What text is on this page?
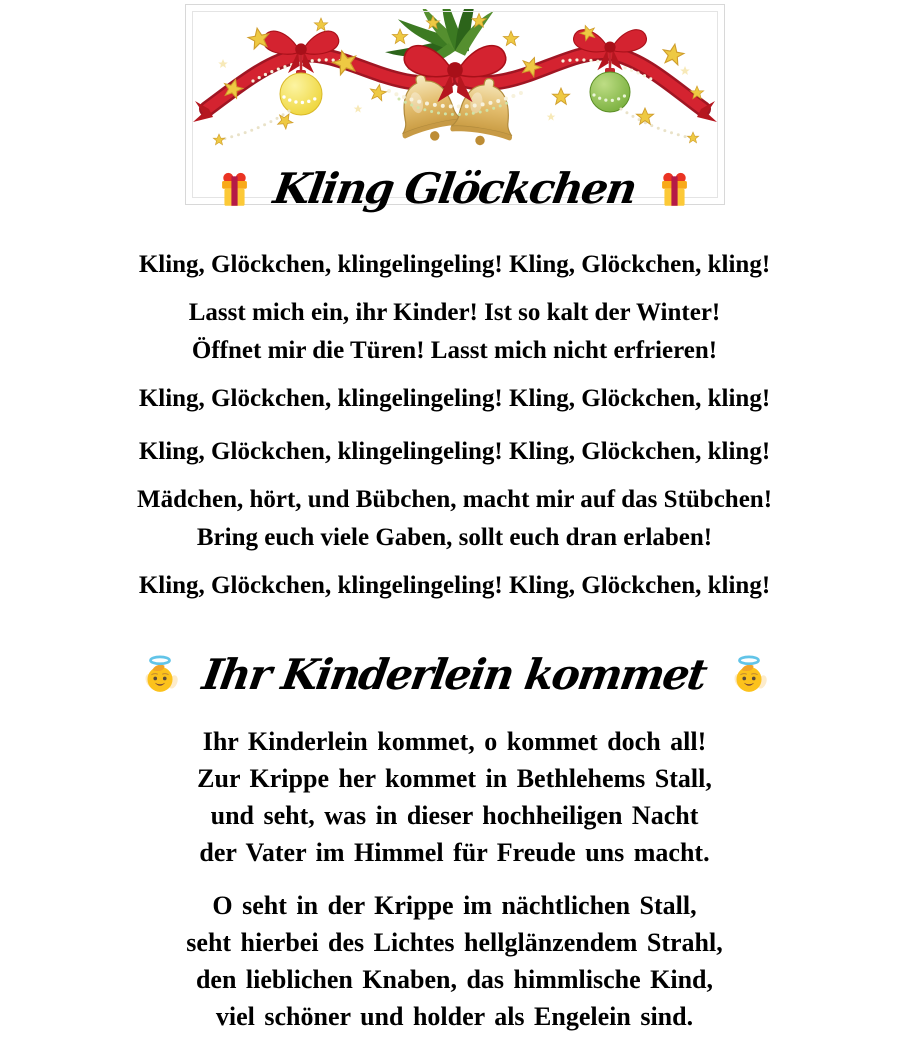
Kling Glöckchen

Kling, Glöckchen, klingelingeling! Kling, Glöckchen, kling!

Lasst mich ein, ihr Kinder! Ist so kalt der Winter!
Öffnet mir die Türen! Lasst mich nicht erfrieren!

Kling, Glöckchen, klingelingeling! Kling, Glöckchen, kling!

Kling, Glöckchen, klingelingeling! Kling, Glöckchen, kling!

Mädchen, hört, und Bübchen, macht mir auf das Stübchen!
Bring euch viele Gaben, sollt euch dran erlaben!

Kling, Glöckchen, klingelingeling! Kling, Glöckchen, kling!

Ihr Kinderlein kommet

Ihr Kinderlein kommet, o kommet doch all!
Zur Krippe her kommet in Bethlehems Stall,
und seht, was in dieser hochheiligen Nacht
der Vater im Himmel für Freude uns macht.

O seht in der Krippe im nächtlichen Stall,
seht hierbei des Lichtes hellglänzendem Strahl,
den lieblichen Knaben, das himmlische Kind,
viel schöner und holder als Engelein sind.
